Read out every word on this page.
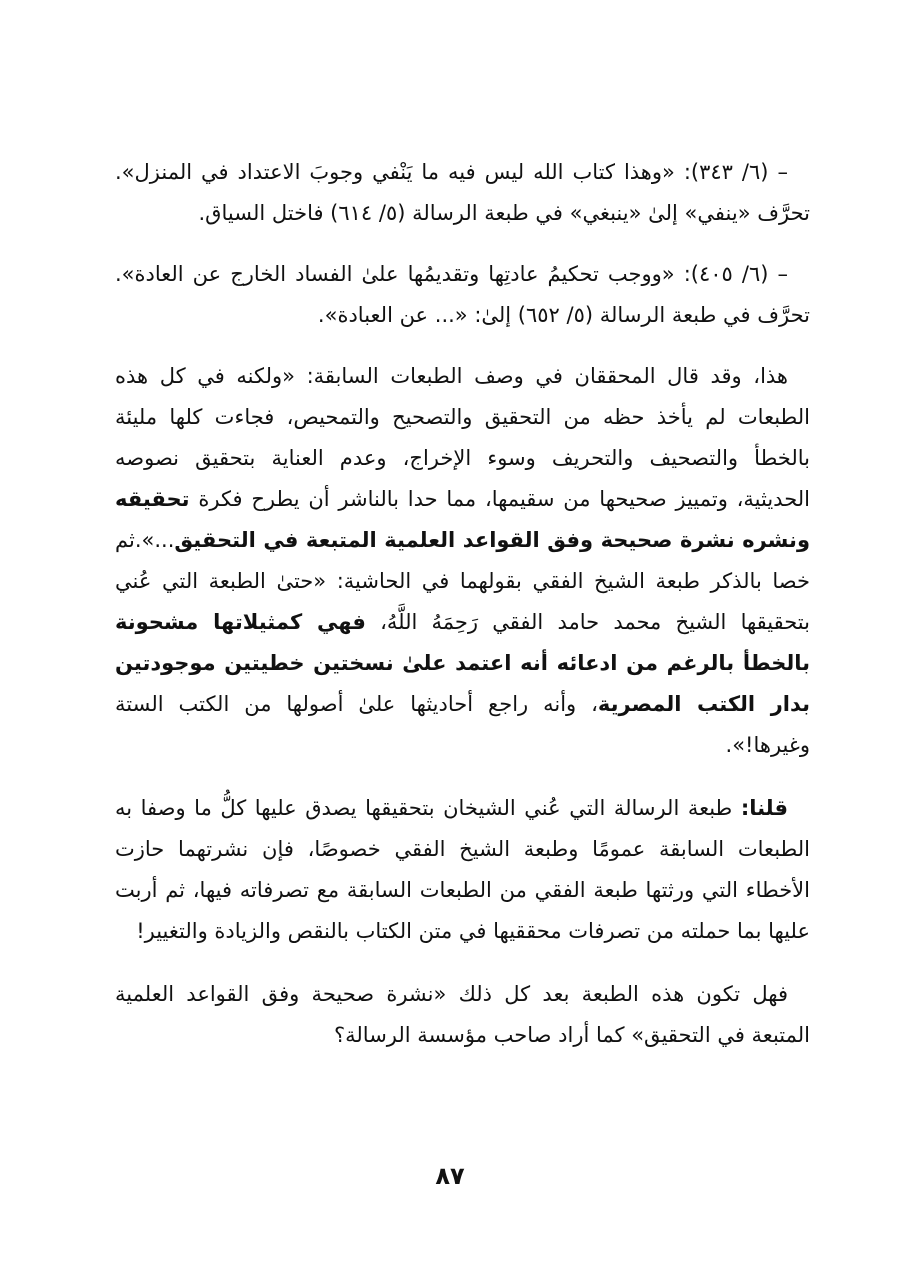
– (٦/ ٣٤٣): «وهذا كتاب الله ليس فيه ما يَنْفي وجوبَ الاعتداد في المنزل». تحرَّف «ينفي» إلىٰ «ينبغي» في طبعة الرسالة (٥/ ٦١٤) فاختل السياق.

– (٦/ ٤٠٥): «ووجب تحكيمُ عادتِها وتقديمُها علىٰ الفساد الخارج عن العادة». تحرَّف في طبعة الرسالة (٥/ ٦٥٢) إلىٰ: «... عن العبادة».

هذا، وقد قال المحققان في وصف الطبعات السابقة: «ولكنه في كل هذه الطبعات لم يأخذ حظه من التحقيق والتصحيح والتمحيص، فجاءت كلها مليئة بالخطأ والتصحيف والتحريف وسوء الإخراج، وعدم العناية بتحقيق نصوصه الحديثية، وتمييز صحيحها من سقيمها، مما حدا بالناشر أن يطرح فكرة تحقيقه ونشره نشرة صحيحة وفق القواعد العلمية المتبعة في التحقيق...».ثم خصا بالذكر طبعة الشيخ الفقي بقولهما في الحاشية: «حتىٰ الطبعة التي عُني بتحقيقها الشيخ محمد حامد الفقي رَحِمَهُ اللَّهُ، فهي كمثيلاتها مشحونة بالخطأ بالرغم من ادعائه أنه اعتمد علىٰ نسختين خطيتين موجودتين بدار الكتب المصرية، وأنه راجع أحاديثها علىٰ أصولها من الكتب الستة وغيرها!».

قلنا: طبعة الرسالة التي عُني الشيخان بتحقيقها يصدق عليها كلُّ ما وصفا به الطبعات السابقة عمومًا وطبعة الشيخ الفقي خصوصًا، فإن نشرتهما حازت الأخطاء التي ورثتها طبعة الفقي من الطبعات السابقة مع تصرفاته فيها، ثم أربت عليها بما حملته من تصرفات محققيها في متن الكتاب بالنقص والزيادة والتغيير!

فهل تكون هذه الطبعة بعد كل ذلك «نشرة صحيحة وفق القواعد العلمية المتبعة في التحقيق» كما أراد صاحب مؤسسة الرسالة؟

٨٧
